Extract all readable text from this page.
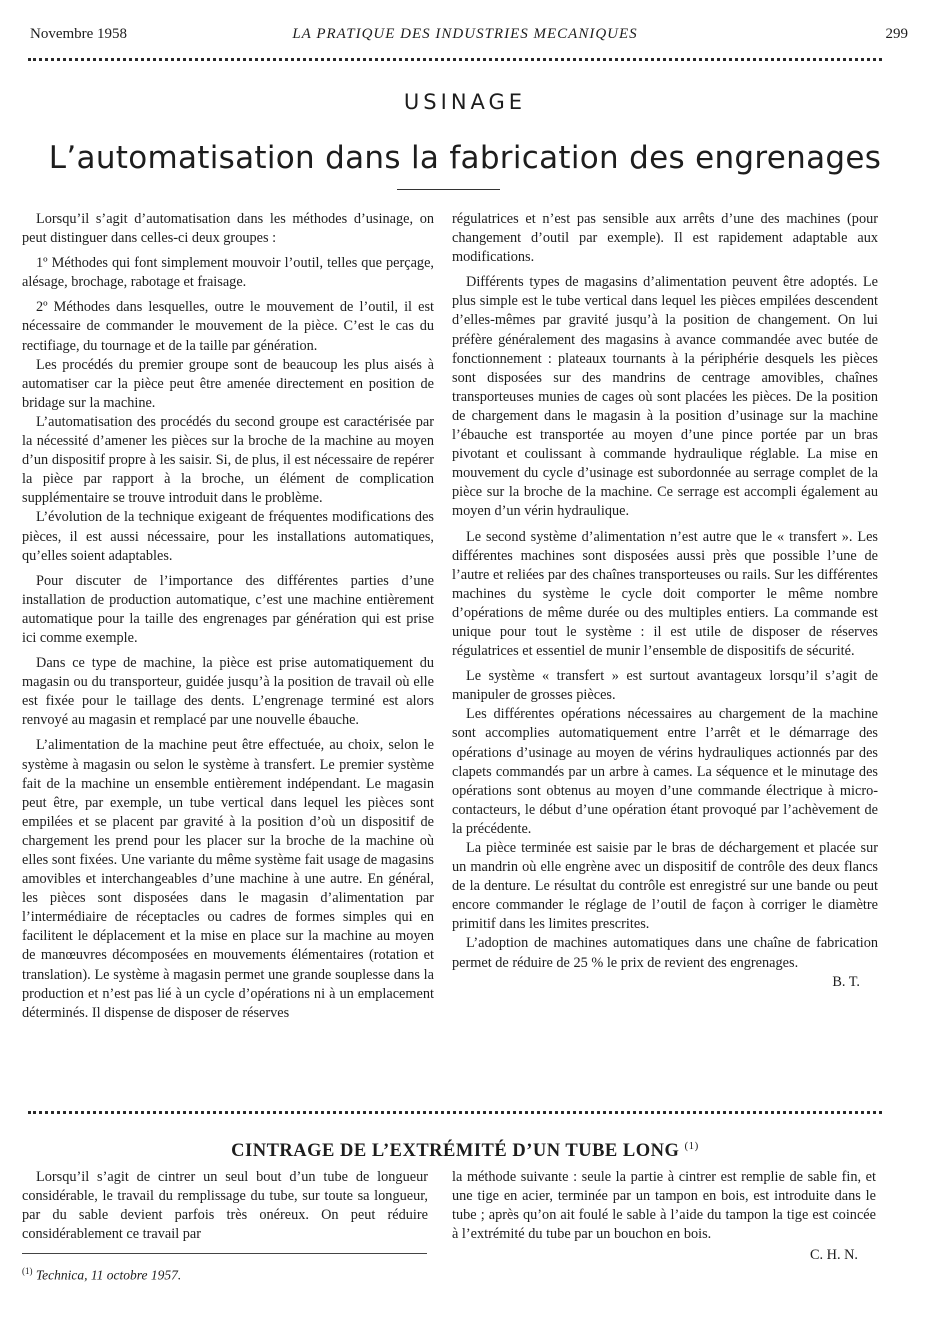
Novembre 1958	LA PRATIQUE DES INDUSTRIES MECANIQUES	299
USINAGE
L’automatisation dans la fabrication des engrenages

Lorsqu’il s’agit d’automatisation dans les méthodes d’usinage, on peut distinguer dans celles-ci deux groupes :

1º Méthodes qui font simplement mouvoir l’outil, telles que perçage, alésage, brochage, rabotage et fraisage.

2º Méthodes dans lesquelles, outre le mouvement de l’outil, il est nécessaire de commander le mouvement de la pièce. C’est le cas du rectifiage, du tournage et de la taille par génération.

Les procédés du premier groupe sont de beaucoup les plus aisés à automatiser car la pièce peut être amenée directement en position de bridage sur la machine.

L’automatisation des procédés du second groupe est caractérisée par la nécessité d’amener les pièces sur la broche de la machine au moyen d’un dispositif propre à les saisir. Si, de plus, il est nécessaire de repérer la pièce par rapport à la broche, un élément de complication supplémentaire se trouve introduit dans le problème.

L’évolution de la technique exigeant de fréquentes modifications des pièces, il est aussi nécessaire, pour les installations automatiques, qu’elles soient adaptables.

Pour discuter de l’importance des différentes parties d’une installation de production automatique, c’est une machine entièrement automatique pour la taille des engrenages par génération qui est prise ici comme exemple.

Dans ce type de machine, la pièce est prise automatiquement du magasin ou du transporteur, guidée jusqu’à la position de travail où elle est fixée pour le taillage des dents. L’engrenage terminé est alors renvoyé au magasin et remplacé par une nouvelle ébauche.

L’alimentation de la machine peut être effectuée, au choix, selon le système à magasin ou selon le système à transfert. Le premier système fait de la machine un ensemble entièrement indépendant. Le magasin peut être, par exemple, un tube vertical dans lequel les pièces sont empilées et se placent par gravité à la position d’où un dispositif de chargement les prend pour les placer sur la broche de la machine où elles sont fixées. Une variante du même système fait usage de magasins amovibles et interchangeables d’une machine à une autre. En général, les pièces sont disposées dans le magasin d’alimentation par l’intermédiaire de réceptacles ou cadres de formes simples qui en facilitent le déplacement et la mise en place sur la machine au moyen de manœuvres décomposées en mouvements élémentaires (rotation et translation). Le système à magasin permet une grande souplesse dans la production et n’est pas lié à un cycle d’opérations ni à un emplacement déterminés. Il dispense de disposer de réserves

régulatrices et n’est pas sensible aux arrêts d’une des machines (pour changement d’outil par exemple). Il est rapidement adaptable aux modifications.

Différents types de magasins d’alimentation peuvent être adoptés. Le plus simple est le tube vertical dans lequel les pièces empilées descendent d’elles-mêmes par gravité jusqu’à la position de changement. On lui préfère généralement des magasins à avance commandée avec butée de fonctionnement : plateaux tournants à la périphérie desquels les pièces sont disposées sur des mandrins de centrage amovibles, chaînes transporteuses munies de cages où sont placées les pièces. De la position de chargement dans le magasin à la position d’usinage sur la machine l’ébauche est transportée au moyen d’une pince portée par un bras pivotant et coulissant à commande hydraulique réglable. La mise en mouvement du cycle d’usinage est subordonnée au serrage complet de la pièce sur la broche de la machine. Ce serrage est accompli également au moyen d’un vérin hydraulique.

Le second système d’alimentation n’est autre que le « transfert ». Les différentes machines sont disposées aussi près que possible l’une de l’autre et reliées par des chaînes transporteuses ou rails. Sur les différentes machines du système le cycle doit comporter le même nombre d’opérations de même durée ou des multiples entiers. La commande est unique pour tout le système : il est utile de disposer de réserves régulatrices et essentiel de munir l’ensemble de dispositifs de sécurité.

Le système « transfert » est surtout avantageux lorsqu’il s’agit de manipuler de grosses pièces.

Les différentes opérations nécessaires au chargement de la machine sont accomplies automatiquement entre l’arrêt et le démarrage des opérations d’usinage au moyen de vérins hydrauliques actionnés par des clapets commandés par un arbre à cames. La séquence et le minutage des opérations sont obtenus au moyen d’une commande électrique à micro-contacteurs, le début d’une opération étant provoqué par l’achèvement de la précédente.

La pièce terminée est saisie par le bras de déchargement et placée sur un mandrin où elle engrène avec un dispositif de contrôle des deux flancs de la denture. Le résultat du contrôle est enregistré sur une bande ou peut encore commander le réglage de l’outil de façon à corriger le diamètre primitif dans les limites prescrites.

L’adoption de machines automatiques dans une chaîne de fabrication permet de réduire de 25 % le prix de revient des engrenages.

B. T.

CINTRAGE DE L’EXTRÉMITÉ D’UN TUBE LONG $^{(1)}$

Lorsqu’il s’agit de cintrer un seul bout d’un tube de longueur considérable, le travail du remplissage du tube, sur toute sa longueur, par du sable devient parfois très onéreux. On peut réduire considérablement ce travail par

la méthode suivante : seule la partie à cintrer est remplie de sable fin, et une tige en acier, terminée par un tampon en bois, est introduite dans le tube ; après qu’on ait foulé le sable à l’aide du tampon la tige est coincée à l’extrémité du tube par un bouchon en bois.

C. H. N.

$^{(1)}$ Technica, 11 octobre 1957.
